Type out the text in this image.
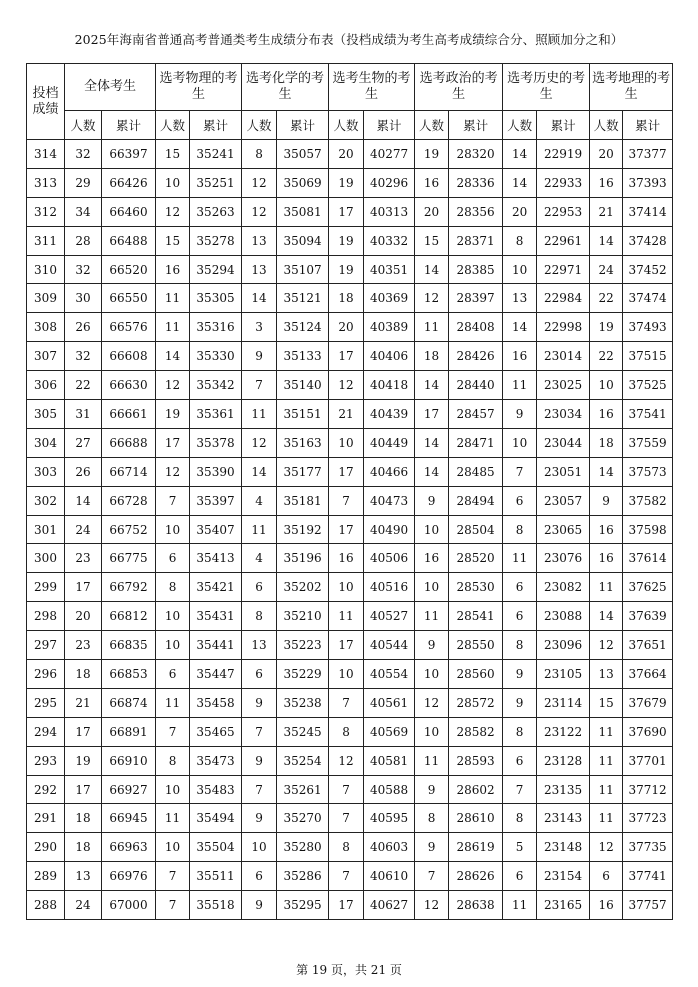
2025年海南省普通高考普通类考生成绩分布表（投档成绩为考生高考成绩综合分、照顾加分之和）
投档成绩	全体考生		选考物理的考生		选考化学的考生		选考生物的考生		选考政治的考生		选考历史的考生		选考地理的考生	
	人数	累计	人数	累计	人数	累计	人数	累计	人数	累计	人数	累计	人数	累计
314	32	66397	15	35241	8	35057	20	40277	19	28320	14	22919	20	37377
313	29	66426	10	35251	12	35069	19	40296	16	28336	14	22933	16	37393
312	34	66460	12	35263	12	35081	17	40313	20	28356	20	22953	21	37414
311	28	66488	15	35278	13	35094	19	40332	15	28371	8	22961	14	37428
310	32	66520	16	35294	13	35107	19	40351	14	28385	10	22971	24	37452
309	30	66550	11	35305	14	35121	18	40369	12	28397	13	22984	22	37474
308	26	66576	11	35316	3	35124	20	40389	11	28408	14	22998	19	37493
307	32	66608	14	35330	9	35133	17	40406	18	28426	16	23014	22	37515
306	22	66630	12	35342	7	35140	12	40418	14	28440	11	23025	10	37525
305	31	66661	19	35361	11	35151	21	40439	17	28457	9	23034	16	37541
304	27	66688	17	35378	12	35163	10	40449	14	28471	10	23044	18	37559
303	26	66714	12	35390	14	35177	17	40466	14	28485	7	23051	14	37573
302	14	66728	7	35397	4	35181	7	40473	9	28494	6	23057	9	37582
301	24	66752	10	35407	11	35192	17	40490	10	28504	8	23065	16	37598
300	23	66775	6	35413	4	35196	16	40506	16	28520	11	23076	16	37614
299	17	66792	8	35421	6	35202	10	40516	10	28530	6	23082	11	37625
298	20	66812	10	35431	8	35210	11	40527	11	28541	6	23088	14	37639
297	23	66835	10	35441	13	35223	17	40544	9	28550	8	23096	12	37651
296	18	66853	6	35447	6	35229	10	40554	10	28560	9	23105	13	37664
295	21	66874	11	35458	9	35238	7	40561	12	28572	9	23114	15	37679
294	17	66891	7	35465	7	35245	8	40569	10	28582	8	23122	11	37690
293	19	66910	8	35473	9	35254	12	40581	11	28593	6	23128	11	37701
292	17	66927	10	35483	7	35261	7	40588	9	28602	7	23135	11	37712
291	18	66945	11	35494	9	35270	7	40595	8	28610	8	23143	11	37723
290	18	66963	10	35504	10	35280	8	40603	9	28619	5	23148	12	37735
289	13	66976	7	35511	6	35286	7	40610	7	28626	6	23154	6	37741
288	24	67000	7	35518	9	35295	17	40627	12	28638	11	23165	16	37757
第 19 页，共 21 页
